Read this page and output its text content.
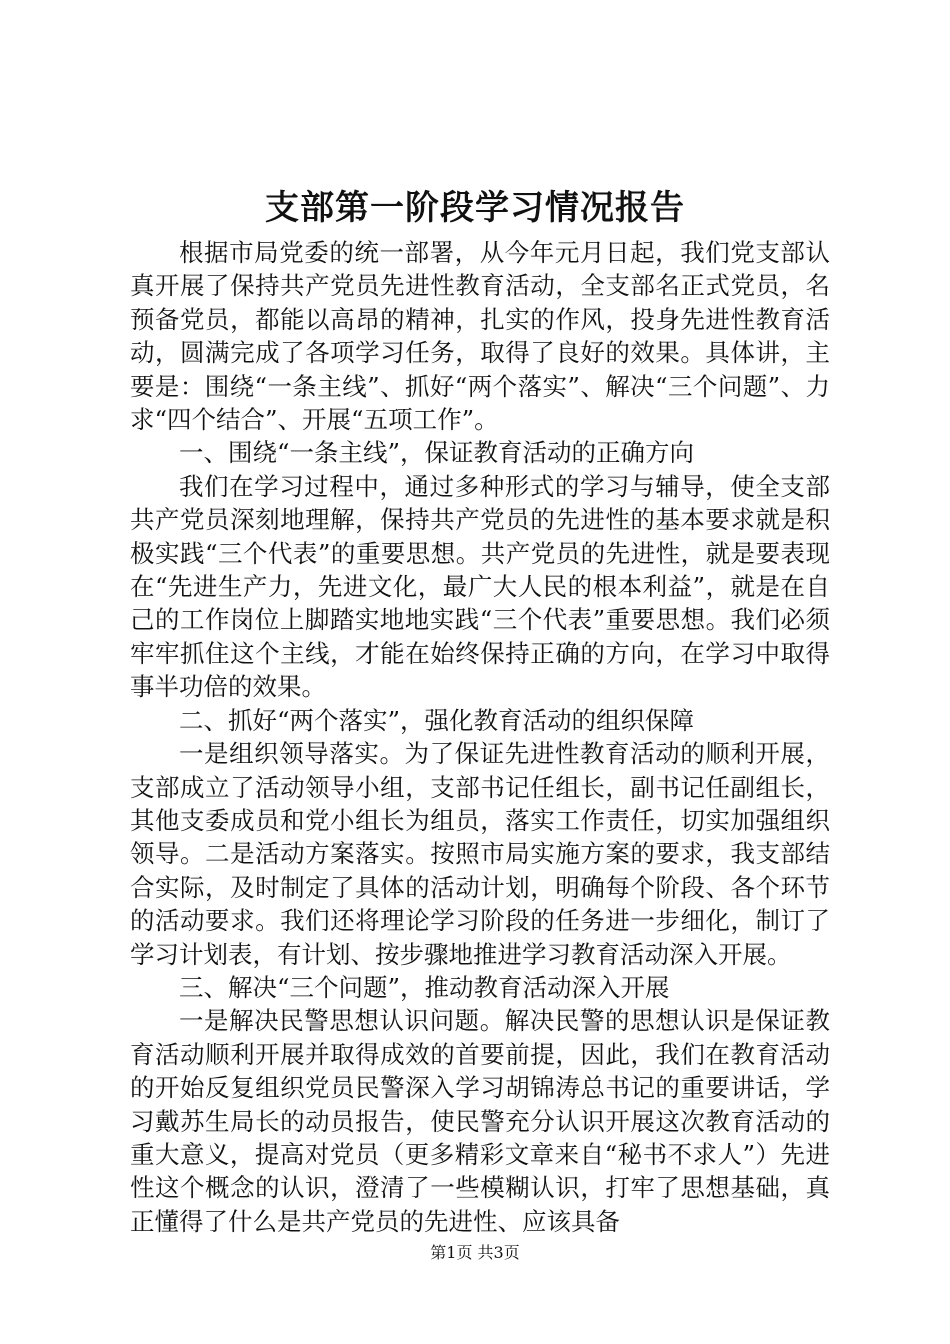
支部第一阶段学习情况报告

根据市局党委的统一部署，从今年元月日起，我们党支部认真开展了保持共产党员先进性教育活动，全支部名正式党员，名预备党员，都能以高昂的精神，扎实的作风，投身先进性教育活动，圆满完成了各项学习任务，取得了良好的效果。具体讲，主要是：围绕“一条主线”、抓好“两个落实”、解决“三个问题”、力求“四个结合”、开展“五项工作”。

一、围绕“一条主线”，保证教育活动的正确方向

我们在学习过程中，通过多种形式的学习与辅导，使全支部共产党员深刻地理解，保持共产党员的先进性的基本要求就是积极实践“三个代表”的重要思想。共产党员的先进性，就是要表现在“先进生产力，先进文化，最广大人民的根本利益”，就是在自己的工作岗位上脚踏实地地实践“三个代表”重要思想。我们必须牢牢抓住这个主线，才能在始终保持正确的方向，在学习中取得事半功倍的效果。

二、抓好“两个落实”，强化教育活动的组织保障

一是组织领导落实。为了保证先进性教育活动的顺利开展，支部成立了活动领导小组，支部书记任组长，副书记任副组长，其他支委成员和党小组长为组员，落实工作责任，切实加强组织领导。二是活动方案落实。按照市局实施方案的要求，我支部结合实际，及时制定了具体的活动计划，明确每个阶段、各个环节的活动要求。我们还将理论学习阶段的任务进一步细化，制订了学习计划表，有计划、按步骤地推进学习教育活动深入开展。

三、解决“三个问题”，推动教育活动深入开展

一是解决民警思想认识问题。解决民警的思想认识是保证教育活动顺利开展并取得成效的首要前提，因此，我们在教育活动的开始反复组织党员民警深入学习胡锦涛总书记的重要讲话，学习戴苏生局长的动员报告，使民警充分认识开展这次教育活动的重大意义，提高对党员（更多精彩文章来自“秘书不求人”）先进性这个概念的认识，澄清了一些模糊认识，打牢了思想基础，真正懂得了什么是共产党员的先进性、应该具备

第1页 共3页
